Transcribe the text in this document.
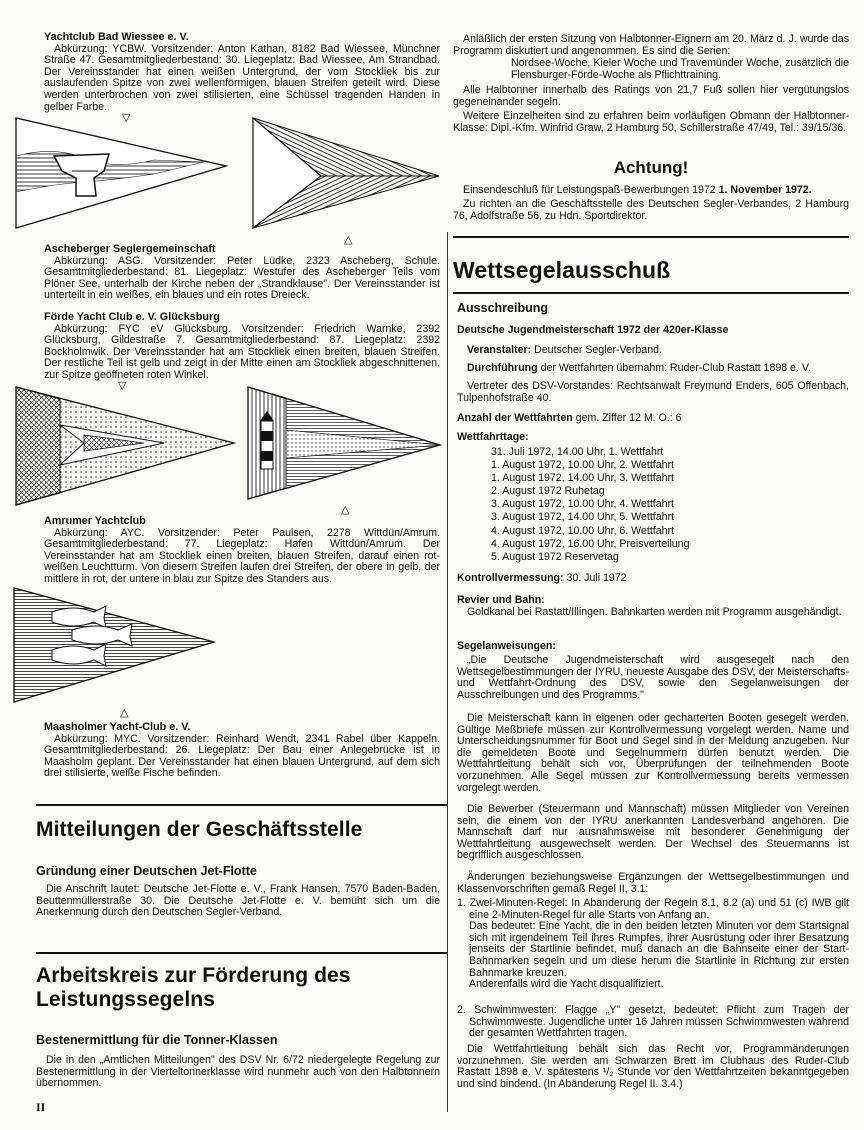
Yachtclub Bad Wiessee e. V.
Abkürzung: YCBW. Vorsitzender: Anton Kathan, 8182 Bad Wiessee, Münchner Straße 47. Gesamtmitgliederbestand: 30. Liegeplatz: Bad Wiessee, Am Strandbad. Der Vereinsstander hat einen weißen Untergrund, der vom Stockliek bis zur auslaufenden Spitze von zwei wellenförmigen, blauen Streifen geteilt wird. Diese werden unterbrochen von zwei stilisierten, eine Schüssel tragenden Händen in gelber Farbe.
▽
△
Ascheberger Seglergemeinschaft
Abkürzung: ASG. Vorsitzender: Peter Lüdke, 2323 Ascheberg, Schule. Gesamtmitgliederbestand: 81. Liegeplatz: Westufer des Ascheberger Teils vom Plöner See, unterhalb der Kirche neben der „Strandklause". Der Vereinsstander ist unterteilt in ein weißes, ein blaues und ein rotes Dreieck.
Förde Yacht Club e. V. Glücksburg
Abkürzung: FYC eV Glücksburg. Vorsitzender: Friedrich Warnke, 2392 Glücksburg, Gildestraße 7. Gesamtmitgliederbestand: 87. Liegeplatz: 2392 Bockholmwik. Der Vereinsstander hat am Stockliek einen breiten, blauen Streifen. Der restliche Teil ist gelb und zeigt in der Mitte einen am Stockliek abgeschnittenen, zur Spitze geöffneten roten Winkel.
▽
△
Amrumer Yachtclub
Abkürzung: AYC. Vorsitzender: Peter Paulsen, 2278 Wittdün/Amrum. Gesamtmitgliederbestand: 77. Liegeplatz: Hafen Wittdün/Amrum. Der Vereinsstander hat am Stockliek einen breiten, blauen Streifen, darauf einen rot-weißen Leuchtturm. Von diesem Streifen laufen drei Streifen, der obere in gelb, der mittlere in rot, der untere in blau zur Spitze des Standers aus.
△
Maasholmer Yacht-Club e. V.
Abkürzung: MYC. Vorsitzender: Reinhard Wendt, 2341 Rabel über Kappeln. Gesamtmitgliederbestand: 26. Liegeplatz: Der Bau einer Anlegebrücke ist in Maasholm geplant. Der Vereinsstander hat einen blauen Untergrund, auf dem sich drei stilisierte, weiße Fische befinden.
Mitteilungen der Geschäftsstelle
Gründung einer Deutschen Jet-Flotte
Die Anschrift lautet: Deutsche Jet-Flotte e. V., Frank Hansen, 7570 Baden-Baden, Beuttenmüllerstraße 30. Die Deutsche Jet-Flotte e. V. bemüht sich um die Anerkennung durch den Deutschen Segler-Verband.
Arbeitskreis zur Förderung des Leistungssegelns
Bestenermittlung für die Tonner-Klassen
Die in den „Amtlichen Mitteilungen" des DSV Nr. 6/72 niedergelegte Regelung zur Bestenermittlung in der Vierteltonnerklasse wird nunmehr auch von den Halbtonnern übernommen.
II
Anläßlich der ersten Sitzung von Halbtonner-Eignern am 20. März d. J. wurde das Programm diskutiert und angenommen. Es sind die Serien:
Nordsee-Woche, Kieler Woche und Travemünder Woche, zusätzlich die Flensburger-Förde-Woche als Pflichttraining.
Alle Halbtonner innerhalb des Ratings von 21,7 Fuß sollen hier vergütungslos gegeneinander segeln.
Weitere Einzelheiten sind zu erfahren beim vorläufigen Obmann der Halbtonner-Klasse: Dipl.-Kfm. Winfrid Graw, 2 Hamburg 50, Schillerstraße 47/49, Tel.: 39/15/36.
Achtung!
Einsendeschluß für Leistungspaß-Bewerbungen 1972 1. November 1972.
Zu richten an die Geschäftsstelle des Deutschen Segler-Verbandes, 2 Hamburg 76, Adolfstraße 56, zu Hdn. Sportdirektor.
Wettsegelausschuß
Ausschreibung
Deutsche Jugendmeisterschaft 1972 der 420er-Klasse
Veranstalter: Deutscher Segler-Verband.
Durchführung der Wettfahrten übernahm: Ruder-Club Rastatt 1898 e. V.
Vertreter des DSV-Vorstandes: Rechtsanwalt Freymund Enders, 605 Offenbach, Tulpenhofstraße 40.
Anzahl der Wettfahrten gem. Ziffer 12 M. O.: 6
Wettfahrttage:
31. Juli 1972, 14.00 Uhr, 1. Wettfahrt
1. August 1972, 10.00 Uhr, 2. Wettfahrt
1. August 1972, 14.00 Uhr, 3. Wettfahrt
2. August 1972 Ruhetag
3. August 1972, 10.00 Uhr, 4. Wettfahrt
3. August 1972, 14.00 Uhr, 5. Wettfahrt
4. August 1972, 10.00 Uhr, 6. Wettfahrt
4. August 1972, 16.00 Uhr, Preisverteilung
5. August 1972 Reservetag
Kontrollvermessung: 30. Juli 1972
Revier und Bahn:
Goldkanal bei Rastatt/Illingen. Bahnkarten werden mit Programm ausgehändigt.
Segelanweisungen:
„Die Deutsche Jugendmeisterschaft wird ausgesegelt nach den Wettsegelbestimmungen der IYRU, neueste Ausgabe des DSV, der Meisterschafts- und Wettfahrt-Ordnung des DSV, sowie den Segelanweisungen der Ausschreibungen und des Programms."
Die Meisterschaft kann in eigenen oder gecharterten Booten gesegelt werden. Gültige Meßbriefe müssen zur Kontrollvermessung vorgelegt werden. Name und Unterscheidungsnummer für Boot und Segel sind in der Meldung anzugeben. Nur die gemeldeten Boote und Segelnummern dürfen benutzt werden. Die Wettfahrtleitung behält sich vor, Überprüfungen der teilnehmenden Boote vorzunehmen. Alle Segel müssen zur Kontrollvermessung bereits vermessen vorgelegt werden.
Die Bewerber (Steuermann und Mannschaft) müssen Mitglieder von Vereinen sein, die einem von der IYRU anerkannten Landesverband angehören. Die Mannschaft darf nur ausnahmsweise mit besonderer Genehmigung der Wettfahrtleitung ausgewechselt werden. Der Wechsel des Steuermanns ist begrifflich ausgeschlossen.
Änderungen beziehungsweise Ergänzungen der Wettsegelbestimmungen und Klassenvorschriften gemäß Regel II, 3.1:
1. Zwei-Minuten-Regel: In Abänderung der Regeln 8.1, 8.2 (a) und 51 (c) IWB gilt eine 2-Minuten-Regel für alle Starts von Anfang an.
Das bedeutet: Eine Yacht, die in den beiden letzten Minuten vor dem Startsignal sich mit irgendeinem Teil ihres Rumpfes, ihrer Ausrüstung oder ihrer Besatzung jenseits der Startlinie befindet, muß danach an die Bahnseite einer der Start-Bahnmarken segeln und um diese herum die Startlinie in Richtung zur ersten Bahnmarke kreuzen.
Anderenfalls wird die Yacht disqualifiziert.
2. Schwimmwesten: Flagge „Y" gesetzt, bedeutet: Pflicht zum Tragen der Schwimmweste. Jugendliche unter 16 Jahren müssen Schwimmwesten während der gesamten Wettfahrten tragen.
Die Wettfahrtleitung behält sich das Recht vor, Programmänderungen vorzunehmen. Sie werden am Schwarzen Brett im Clubhaus des Ruder-Club Rastatt 1898 e. V. spätestens ¹/₂ Stunde vor den Wettfahrtzeiten bekanntgegeben und sind bindend. (In Abänderung Regel II. 3.4.)
